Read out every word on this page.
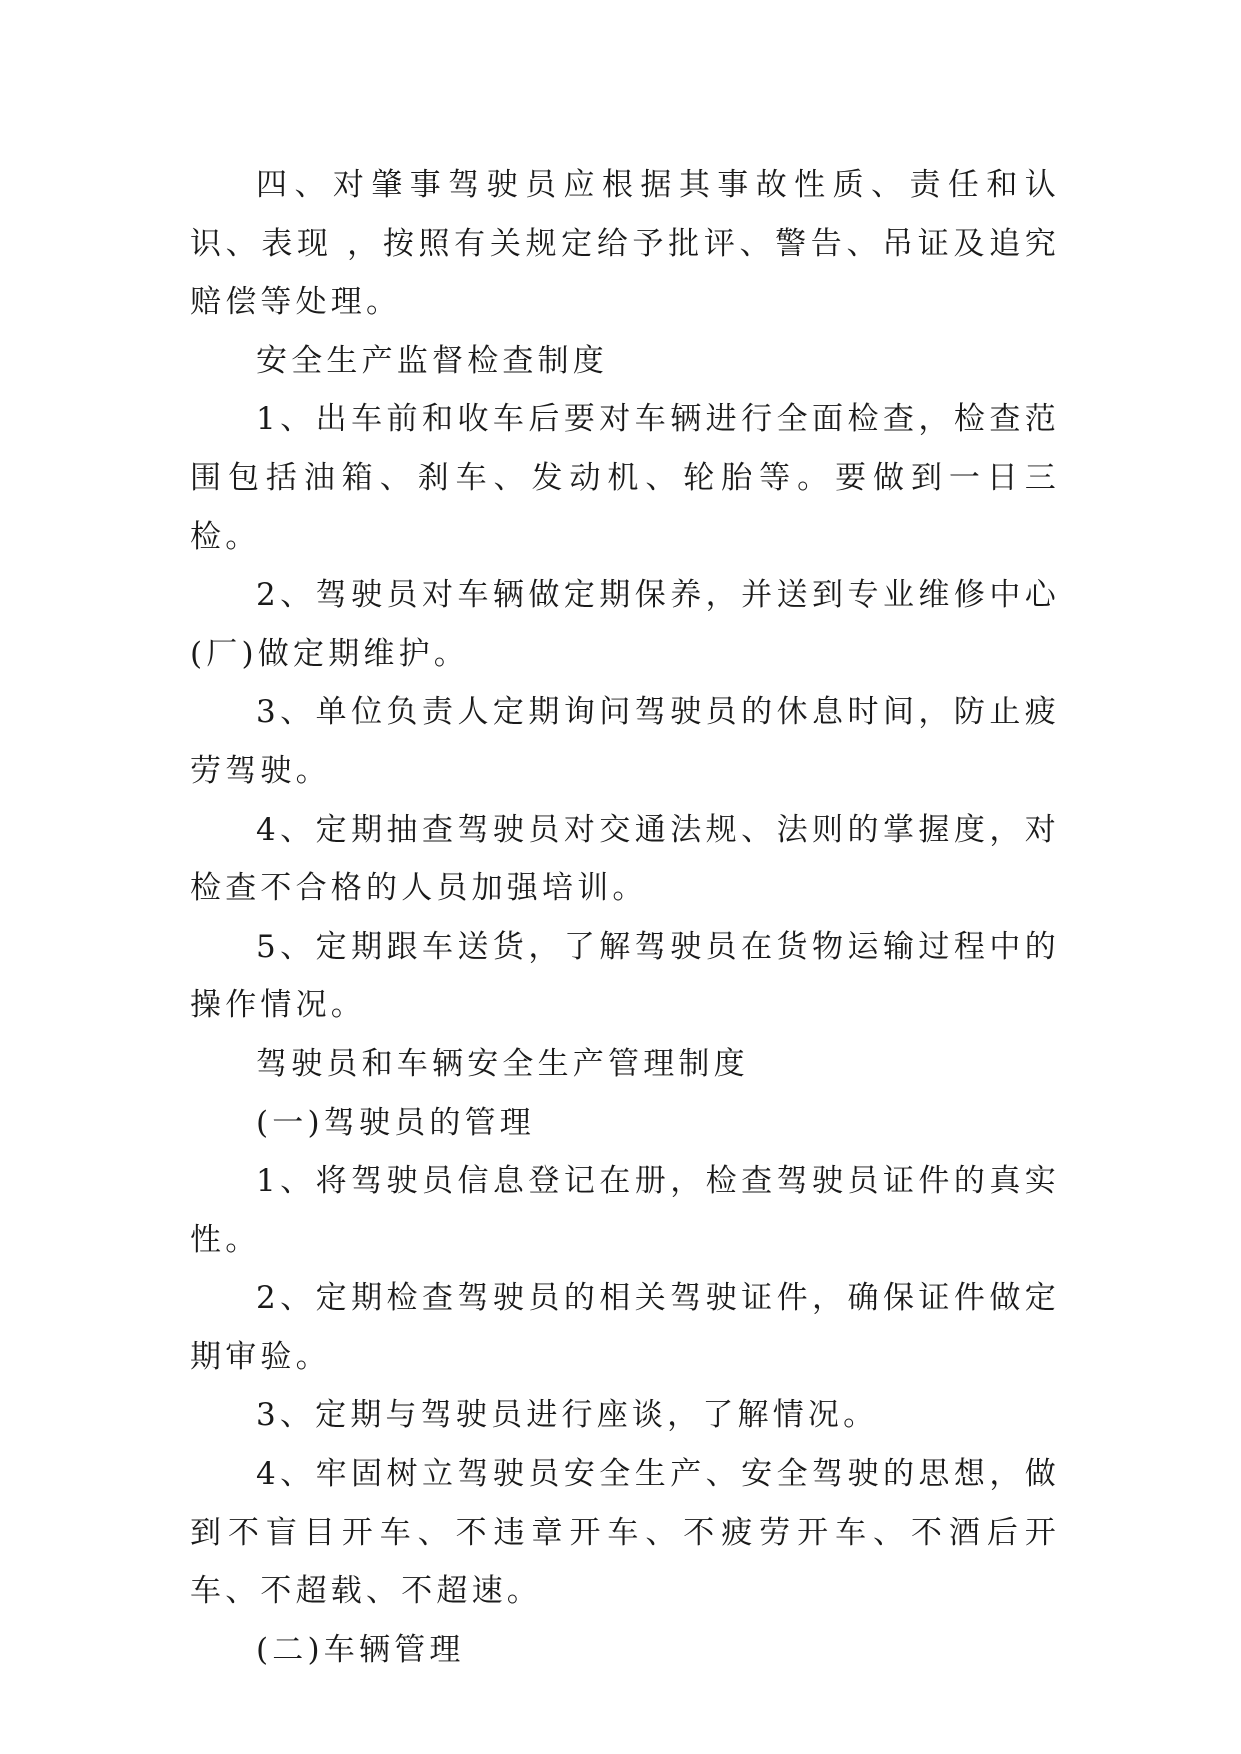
四、对肇事驾驶员应根据其事故性质、责任和认识、表现 ，按照有关规定给予批评、警告、吊证及追究赔偿等处理。

安全生产监督检查制度

1、出车前和收车后要对车辆进行全面检查，检查范围包括油箱、刹车、发动机、轮胎等。要做到一日三检。

2、驾驶员对车辆做定期保养，并送到专业维修中心(厂)做定期维护。

3、单位负责人定期询问驾驶员的休息时间，防止疲劳驾驶。

4、定期抽查驾驶员对交通法规、法则的掌握度，对检查不合格的人员加强培训。

5、定期跟车送货，了解驾驶员在货物运输过程中的操作情况。

驾驶员和车辆安全生产管理制度

(一)驾驶员的管理

1、将驾驶员信息登记在册，检查驾驶员证件的真实性。

2、定期检查驾驶员的相关驾驶证件，确保证件做定期审验。

3、定期与驾驶员进行座谈，了解情况。

4、牢固树立驾驶员安全生产、安全驾驶的思想，做到不盲目开车、不违章开车、不疲劳开车、不酒后开车、不超载、不超速。

(二)车辆管理
